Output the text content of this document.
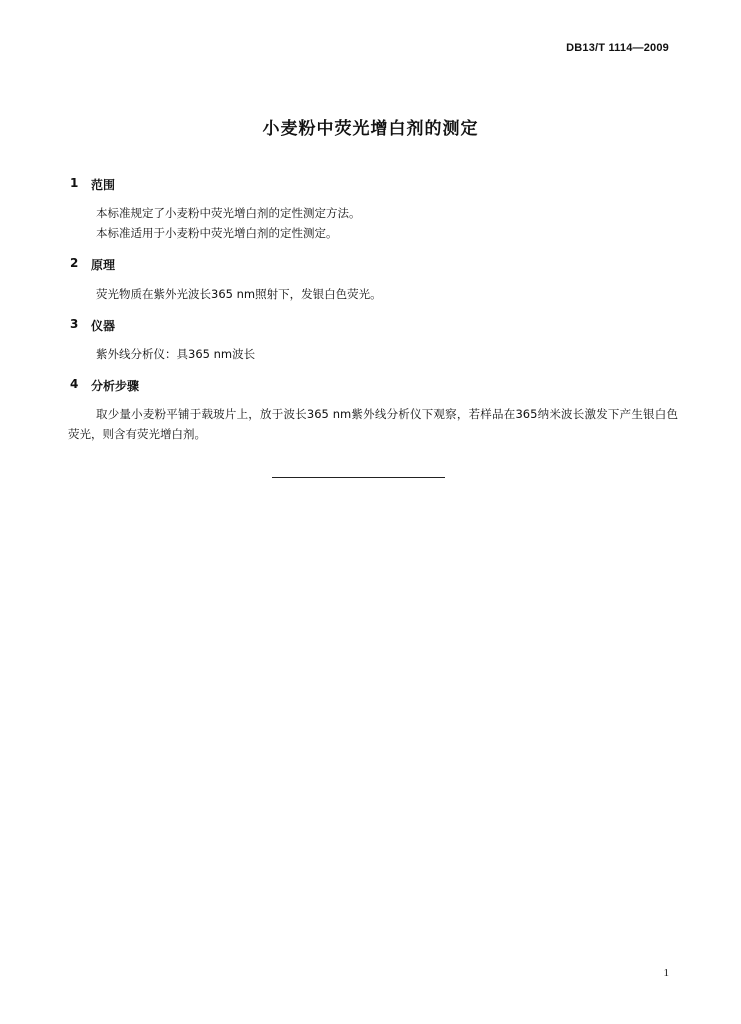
DB13/T 1114—2009
小麦粉中荧光增白剂的测定
1 范围
本标准规定了小麦粉中荧光增白剂的定性测定方法。
本标准适用于小麦粉中荧光增白剂的定性测定。
2 原理
荧光物质在紫外光波长365 nm照射下，发银白色荧光。
3 仪器
紫外线分析仪：具365 nm波长
4 分析步骤
取少量小麦粉平铺于载玻片上，放于波长365 nm紫外线分析仪下观察，若样品在365纳米波长激发下产生银白色荧光，则含有荧光增白剂。
1
